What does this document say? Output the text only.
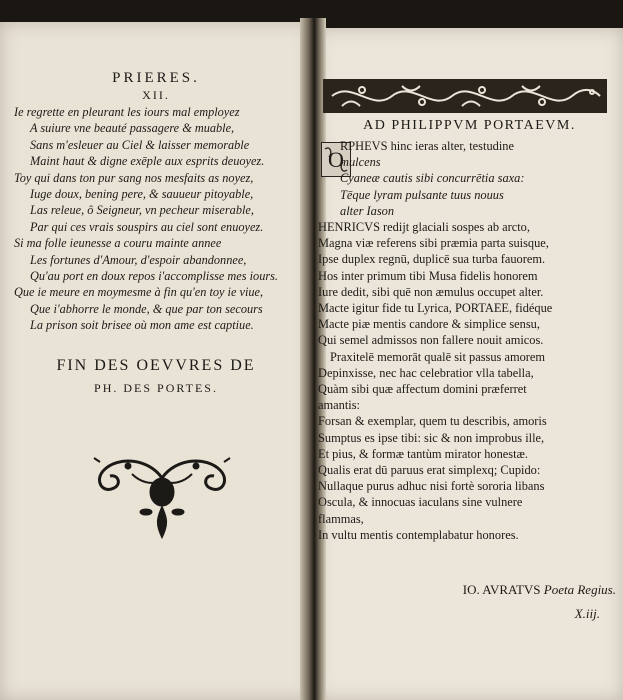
PRIERES.
XII.
Ie regrette en pleurant les iours mal employez
A suiure vne beauté passagere & muable,
Sans m'esleuer au Ciel & laisser memorable
Maint haut & digne exēple aux esprits deuoyez.
Toy qui dans ton pur sang nos mesfaits as noyez,
Iuge doux, bening pere, & sauueur pitoyable,
Las releue, ô Seigneur, vn pecheur miserable,
Par qui ces vrais souspirs au ciel sont enuoyez.
Si ma folle ieunesse a couru mainte annee
Les fortunes d'Amour, d'espoir abandonnee,
Qu'au port en doux repos i'accomplisse mes iours.
Que ie meure en moymesme à fin qu'en toy ie viue,
Que i'abhorre le monde, & que par ton secours
La prison soit brisee où mon ame est captiue.
FIN DES OEVVRES DE
PH. DES PORTES.
AD PHILIPPVM PORTAEVM.
O
RPHEVS hinc ieras alter, testudine
mulcens
Cyaneæ cautis sibi concurrētia saxa:
Tēque lyram pulsante tuus nouus
alter Iason
HENRICVS redijt glaciali sospes ab arcto,
Magna viæ referens sibi præmia parta suisque,
Ipse duplex regnū, duplicē sua turba fauorem.
Hos inter primum tibi Musa fidelis honorem
Iure dedit, sibi quē non æmulus occupet alter.
Macte igitur fide tu Lyrica, PORTAEE, fidéque
Macte piæ mentis candore & simplice sensu,
Qui semel admissos non fallere nouit amicos.
Praxitelē memorāt qualē sit passus amorem
Depinxisse, nec hac celebratior vlla tabella,
Quàm sibi quæ affectum domini præferret
amantis:
Forsan & exemplar, quem tu describis, amoris
Sumptus es ipse tibi: sic & non improbus ille,
Et pius, & formæ tantùm mirator honestæ.
Qualis erat dū paruus erat simplexq; Cupido:
Nullaque purus adhuc nisi fortè sororia libans
Oscula, & innocuas iaculans sine vulnere
flammas,
In vultu mentis contemplabatur honores.
IO. AVRATVS Poeta Regius.
X.iij.
